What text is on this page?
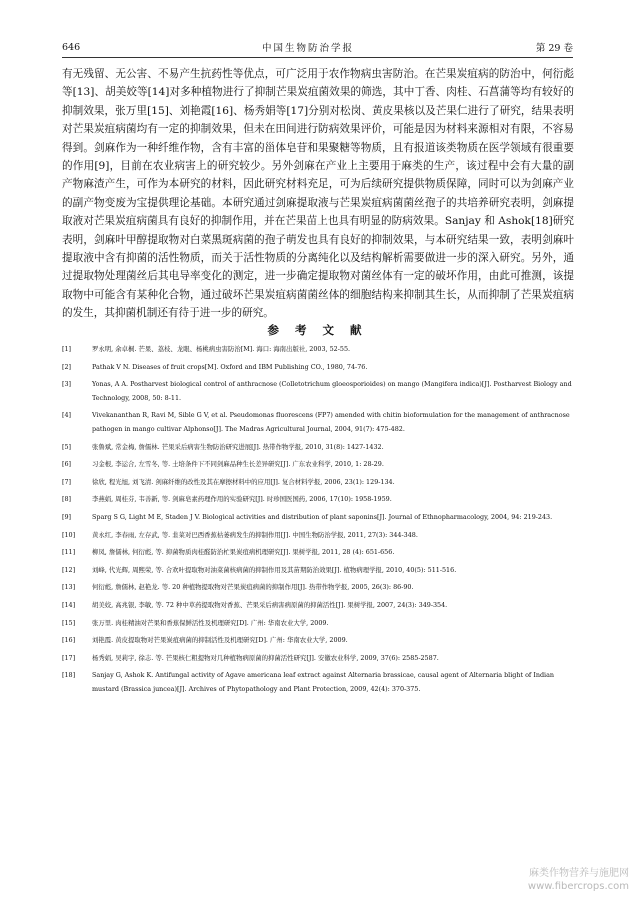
646	中国生物防治学报	第 29 卷

有无残留、无公害、不易产生抗药性等优点，可广泛用于农作物病虫害防治。在芒果炭疽病的防治中，何衍彪等[13]、胡美姣等[14]对多种植物进行了抑制芒果炭疽菌效果的筛选，其中丁香、肉桂、石菖蒲等均有较好的抑制效果，张万里[15]、刘艳霞[16]、杨秀娟等[17]分别对松岗、黄皮果核以及芒果仁进行了研究，结果表明对芒果炭疽病菌均有一定的抑制效果，但未在田间进行防病效果评价，可能是因为材料来源相对有限，不容易得到。剑麻作为一种纤维作物，含有丰富的甾体皂苷和果聚糖等物质，且有报道该类物质在医学领域有很重要的作用[9]，目前在农业病害上的研究较少。另外剑麻在产业上主要用于麻类的生产，该过程中会有大量的副产物麻渣产生，可作为本研究的材料，因此研究材料充足，可为后续研究提供物质保障，同时可以为剑麻产业的副产物变废为宝提供理论基础。本研究通过剑麻提取液与芒果炭疽病菌菌丝孢子的共培养研究表明，剑麻提取液对芒果炭疽病菌具有良好的抑制作用，并在芒果苗上也具有明显的防病效果。Sanjay 和 Ashok[18]研究表明，剑麻叶甲醇提取物对白菜黑斑病菌的孢子萌发也具有良好的抑制效果，与本研究结果一致，表明剑麻叶提取液中含有抑菌的活性物质，而关于活性物质的分离纯化以及结构解析需要做进一步的深入研究。另外，通过提取物处理菌丝后其电导率变化的测定，进一步确定提取物对菌丝体有一定的破坏作用，由此可推测，该提取物中可能含有某种化合物，通过破坏芒果炭疽病菌菌丝体的细胞结构来抑制其生长，从而抑制了芒果炭疽病的发生，其抑菌机制还有待于进一步的研究。

参 考 文 献
[1]	罗永明, 余卓桐. 芒果、荔枝、龙眼、杨桃病虫害防治[M]. 海口: 海南出版社, 2003, 52-55.
[2]	Pathak V N. Diseases of fruit crops[M]. Oxford and IBM Publishing CO., 1980, 74-76.
[3]	Yonas, A A. Postharvest biological control of anthracnose (Colletotrichum gloeosporioides) on mango (Mangifera indica)[J]. Postharvest Biology and Technology, 2008, 50: 8-11.
[4]	Vivekananthan R, Ravi M, Sible G V, et al. Pseudomonas fluorescens (FP7) amended with chitin bioformulation for the management of anthracnose pathogen in mango cultivar Alphonso[J]. The Madras Agricultural Journal, 2004, 91(7): 475-482.
[5]	张鲁斌, 常金梅, 詹儒林. 芒果采后病害生物防治研究进展[J]. 热带作物学报, 2010, 31(8): 1427-1432.
[6]	习金根, 李运合, 左雪冬, 等. 土培条件下不同剑麻品种生长差异研究[J]. 广东农业科学, 2010, 1: 28-29.
[7]	徐欣, 程光旭, 刘飞清. 剑麻纤维的改性及其在摩擦材料中的应用[J]. 复合材料学报, 2006, 23(1): 129-134.
[8]	李燕娟, 周桂芬, 韦善新, 等. 剑麻皂素药理作用的实验研究[J]. 时珍国医国药, 2006, 17(10): 1958-1959.
[9]	Sparg S G, Light M E, Staden J V. Biological activities and distribution of plant saponins[J]. Journal of Ethnopharmacology, 2004, 94: 219-243.
[10]	黄永红, 李春雨, 左存武, 等. 韭菜对巴西香蕉枯萎病发生的抑制作用[J]. 中国生物防治学报, 2011, 27(3): 344-348.
[11]	柳凤, 詹儒林, 何衍彪, 等. 抑菌物质肉桂醛防治杧果炭疽病机理研究[J]. 果树学报, 2011, 28 (4): 651-656.
[12]	刘峰, 代光辉, 周熙荣, 等. 合欢叶提取物对油菜菌核病菌的抑制作用及其苗期防治效果[J]. 植物病理学报, 2010, 40(5): 511-516.
[13]	何衍彪, 詹儒林, 赵艳龙. 等. 20 种植物提取物对芒果炭疽病菌的抑制作用[J]. 热带作物学报, 2005, 26(3): 86-90.
[14]	胡美姣, 高兆银, 李敏, 等. 72 种中草药提取物对香蕉、芒果采后病害病原菌的抑菌活性[J]. 果树学报, 2007, 24(3): 349-354.
[15]	张万里. 肉桂精油对芒果和香蕉保鲜活性及机理研究[D]. 广州: 华南农业大学, 2009.
[16]	刘艳霞. 黄皮提取物对芒果炭疽病菌的抑制活性及机理研究[D]. 广州: 华南农业大学, 2009.
[17]	杨秀娟, 吴莉宇, 徐志. 等. 芒果核仁粗提物对几种植物病原菌的抑菌活性研究[J]. 安徽农业科学, 2009, 37(6): 2585-2587.
[18]	Sanjay G, Ashok K. Antifungal activity of Agave americana leaf extract against Alternaria brassicae, causal agent of Alternaria blight of Indian mustard (Brassica juncea)[J]. Archives of Phytopathology and Plant Protection, 2009, 42(4): 370-375.
麻类作物营养与施肥网
www.fibercrops.com
